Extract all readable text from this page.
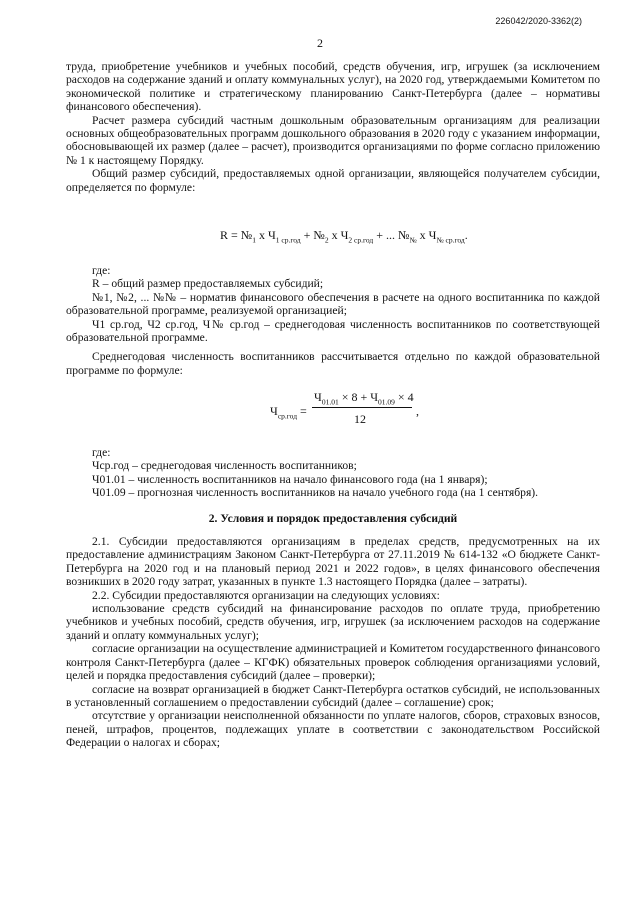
226042/2020-3362(2)
2

труда, приобретение учебников и учебных пособий, средств обучения, игр, игрушек (за исключением расходов на содержание зданий и оплату коммунальных услуг), на 2020 год, утверждаемыми Комитетом по экономической политике и стратегическому планированию Санкт-Петербурга (далее – нормативы финансового обеспечения).

Расчет размера субсидий частным дошкольным образовательным организациям для реализации основных общеобразовательных программ дошкольного образования в 2020 году с указанием информации, обосновывающей их размер (далее – расчет), производится организациями по форме согласно приложению № 1 к настоящему Порядку.

Общий размер субсидий, предоставляемых одной организации, являющейся получателем субсидии, определяется по формуле:

$R = №_1$ x $Ч_{1 ср.год}$ + $№_2$ x $Ч_{2 ср.год}$ + ... $№_№$ x $Ч_{№ ср.год}$.

где:

R – общий размер предоставляемых субсидий;

№1, №2, ... №№ – норматив финансового обеспечения в расчете на одного воспитанника по каждой образовательной программе, реализуемой организацией;

Ч1 ср.год, Ч2 ср.год, Ч№ ср.год – среднегодовая численность воспитанников по соответствующей образовательной программе.

Среднегодовая численность воспитанников рассчитывается отдельно по каждой образовательной программе по формуле:

$Ч_{ср.год}$ =
$Ч_{01.01} \times 8 + Ч_{01.09} \times 4$
12
,

где:

Чср.год – среднегодовая численность воспитанников;

Ч01.01 – численность воспитанников на начало финансового года (на 1 января);

Ч01.09 – прогнозная численность воспитанников на начало учебного года (на 1 сентября).

2. Условия и порядок предоставления субсидий

2.1. Субсидии предоставляются организациям в пределах средств, предусмотренных на их предоставление администрациям Законом Санкт-Петербурга от 27.11.2019 № 614-132 «О бюджете Санкт-Петербурга на 2020 год и на плановый период 2021 и 2022 годов», в целях финансового обеспечения возникших в 2020 году затрат, указанных в пункте 1.3 настоящего Порядка (далее – затраты).

2.2. Субсидии предоставляются организации на следующих условиях:

использование средств субсидий на финансирование расходов по оплате труда, приобретению учебников и учебных пособий, средств обучения, игр, игрушек (за исключением расходов на содержание зданий и оплату коммунальных услуг);

согласие организации на осуществление администрацией и Комитетом государственного финансового контроля Санкт-Петербурга (далее – КГФК) обязательных проверок соблюдения организациями условий, целей и порядка предоставления субсидий (далее – проверки);

согласие на возврат организацией в бюджет Санкт-Петербурга остатков субсидий, не использованных в установленный соглашением о предоставлении субсидий (далее – соглашение) срок;

отсутствие у организации неисполненной обязанности по уплате налогов, сборов, страховых взносов, пеней, штрафов, процентов, подлежащих уплате в соответствии с законодательством Российской Федерации о налогах и сборах;
